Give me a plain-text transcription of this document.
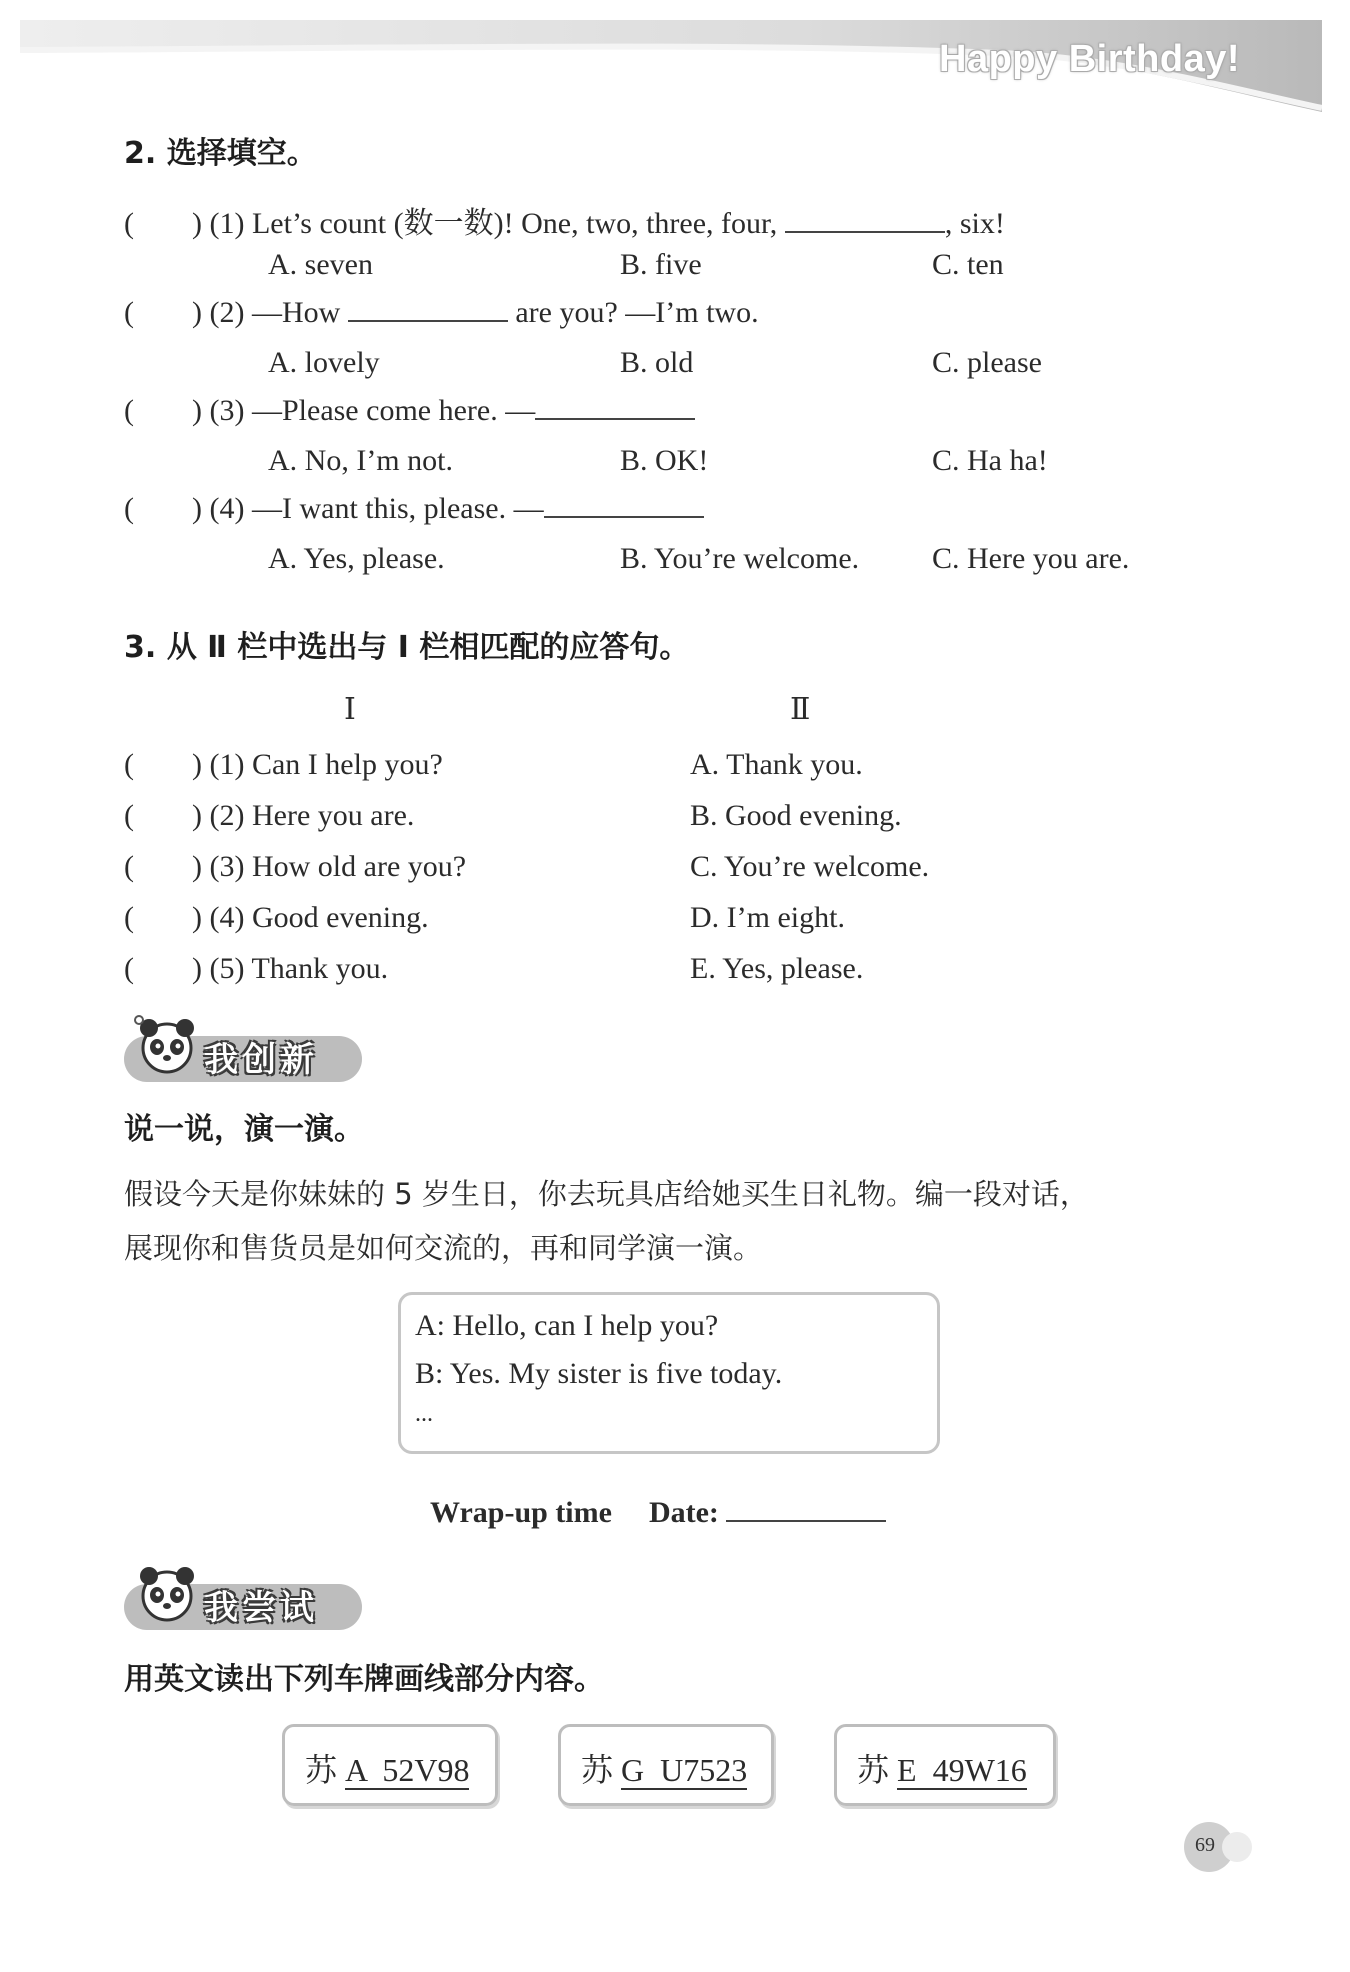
Happy Birthday!
2. 选择填空。
( ) (1) Let’s count (数一数)! One, two, three, four,	, six!
A. seven	B. five	C. ten
( ) (2) —How	are you? —I’m two.
A. lovely	B. old	C. please
( ) (3) —Please come here. —
A. No, I’m not.	B. OK!	C. Ha ha!
( ) (4) —I want this, please. —
A. Yes, please.	B. You’re welcome. C. Here you are.
3. 从 Ⅱ 栏中选出与 Ⅰ 栏相匹配的应答句。
Ⅰ	Ⅱ
( ) (1) Can I help you?	A. Thank you.
( ) (2) Here you are.	B. Good evening.
( ) (3) How old are you?	C. You’re welcome.
( ) (4) Good evening.	D. I’m eight.
( ) (5) Thank you.	E. Yes, please.
我创新
说一说，演一演。
假设今天是你妹妹的 5 岁生日，你去玩具店给她买生日礼物。编一段对话，
展现你和售货员是如何交流的，再和同学演一演。
A: Hello, can I help you?
B: Yes. My sister is five today.
...
Wrap-up time Date:
我尝试
用英文读出下列车牌画线部分内容。
苏 A  52V98	苏 G  U7523	苏 E  49W16
69
